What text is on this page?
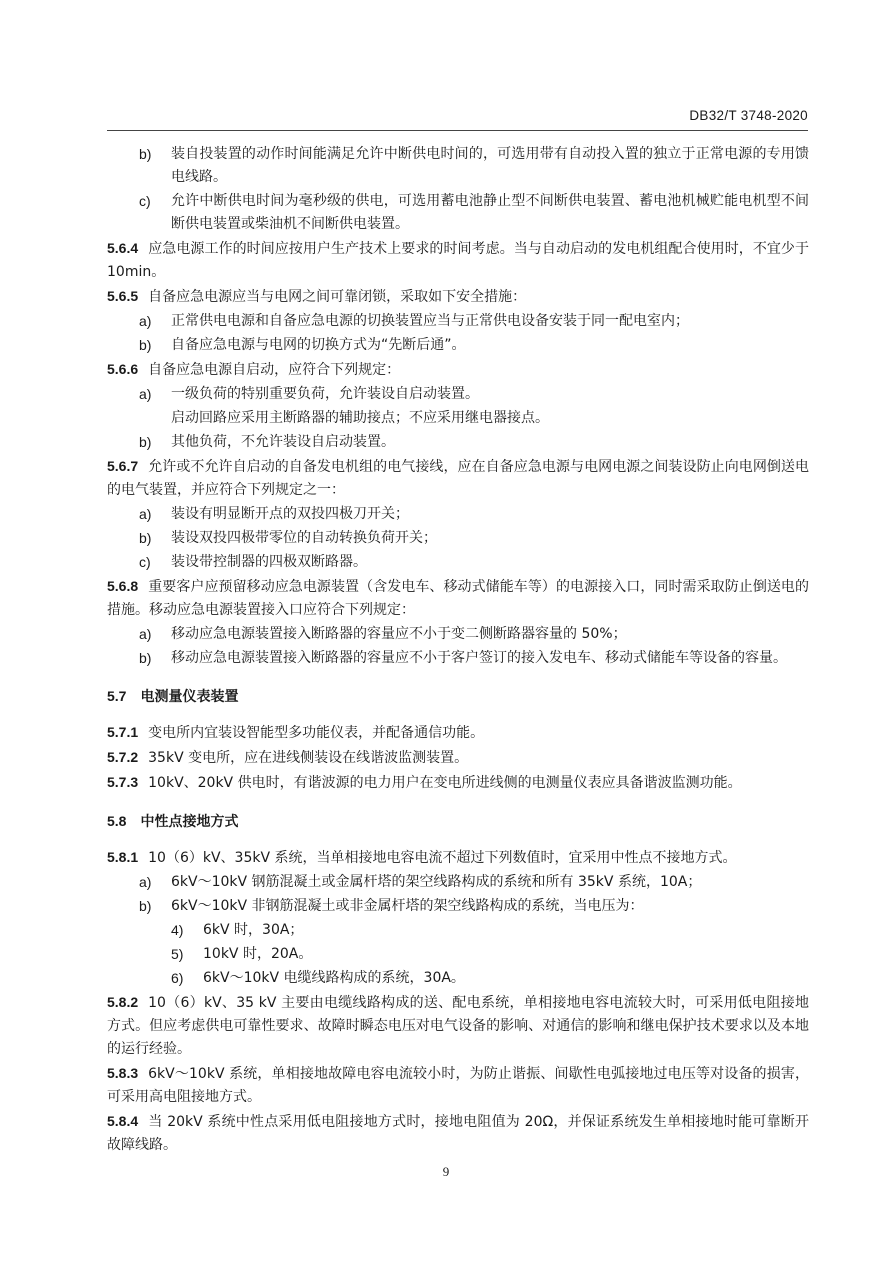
DB32/T 3748-2020
b)	装自投装置的动作时间能满足允许中断供电时间的，可选用带有自动投入置的独立于正常电源的专用馈电线路。
c)	允许中断供电时间为毫秒级的供电，可选用蓄电池静止型不间断供电装置、蓄电池机械贮能电机型不间断供电装置或柴油机不间断供电装置。

5.6.4 应急电源工作的时间应按用户生产技术上要求的时间考虑。当与自动启动的发电机组配合使用时，不宜少于 10min。

5.6.5 自备应急电源应当与电网之间可靠闭锁，采取如下安全措施：

a)	正常供电电源和自备应急电源的切换装置应当与正常供电设备安装于同一配电室内；
b)	自备应急电源与电网的切换方式为“先断后通”。

5.6.6 自备应急电源自启动，应符合下列规定：

a)	一级负荷的特别重要负荷，允许装设自启动装置。
启动回路应采用主断路器的辅助接点；不应采用继电器接点。
b)	其他负荷，不允许装设自启动装置。

5.6.7 允许或不允许自启动的自备发电机组的电气接线，应在自备应急电源与电网电源之间装设防止向电网倒送电的电气装置，并应符合下列规定之一：

a)	装设有明显断开点的双投四极刀开关；
b)	装设双投四极带零位的自动转换负荷开关；
c)	装设带控制器的四极双断路器。

5.6.8 重要客户应预留移动应急电源装置（含发电车、移动式储能车等）的电源接入口，同时需采取防止倒送电的措施。移动应急电源装置接入口应符合下列规定：

a)	移动应急电源装置接入断路器的容量应不小于变二侧断路器容量的 50%；
b)	移动应急电源装置接入断路器的容量应不小于客户签订的接入发电车、移动式储能车等设备的容量。
5.7 电测量仪表装置

5.7.1 变电所内宜装设智能型多功能仪表，并配备通信功能。

5.7.2 35kV 变电所，应在进线侧装设在线谐波监测装置。

5.7.3 10kV、20kV 供电时，有谐波源的电力用户在变电所进线侧的电测量仪表应具备谐波监测功能。

5.8 中性点接地方式

5.8.1 10（6）kV、35kV 系统，当单相接地电容电流不超过下列数值时，宜采用中性点不接地方式。

a)	6kV～10kV 钢筋混凝土或金属杆塔的架空线路构成的系统和所有 35kV 系统，10A；
b)	6kV～10kV 非钢筋混凝土或非金属杆塔的架空线路构成的系统，当电压为：
4)	6kV 时，30A；
5)	10kV 时，20A。
6)	6kV～10kV 电缆线路构成的系统，30A。

5.8.2 10（6）kV、35 kV 主要由电缆线路构成的送、配电系统，单相接地电容电流较大时，可采用低电阻接地方式。但应考虑供电可靠性要求、故障时瞬态电压对电气设备的影响、对通信的影响和继电保护技术要求以及本地的运行经验。

5.8.3 6kV～10kV 系统，单相接地故障电容电流较小时，为防止谐振、间歇性电弧接地过电压等对设备的损害，可采用高电阻接地方式。

5.8.4 当 20kV 系统中性点采用低电阻接地方式时，接地电阻值为 20Ω，并保证系统发生单相接地时能可靠断开故障线路。

9
